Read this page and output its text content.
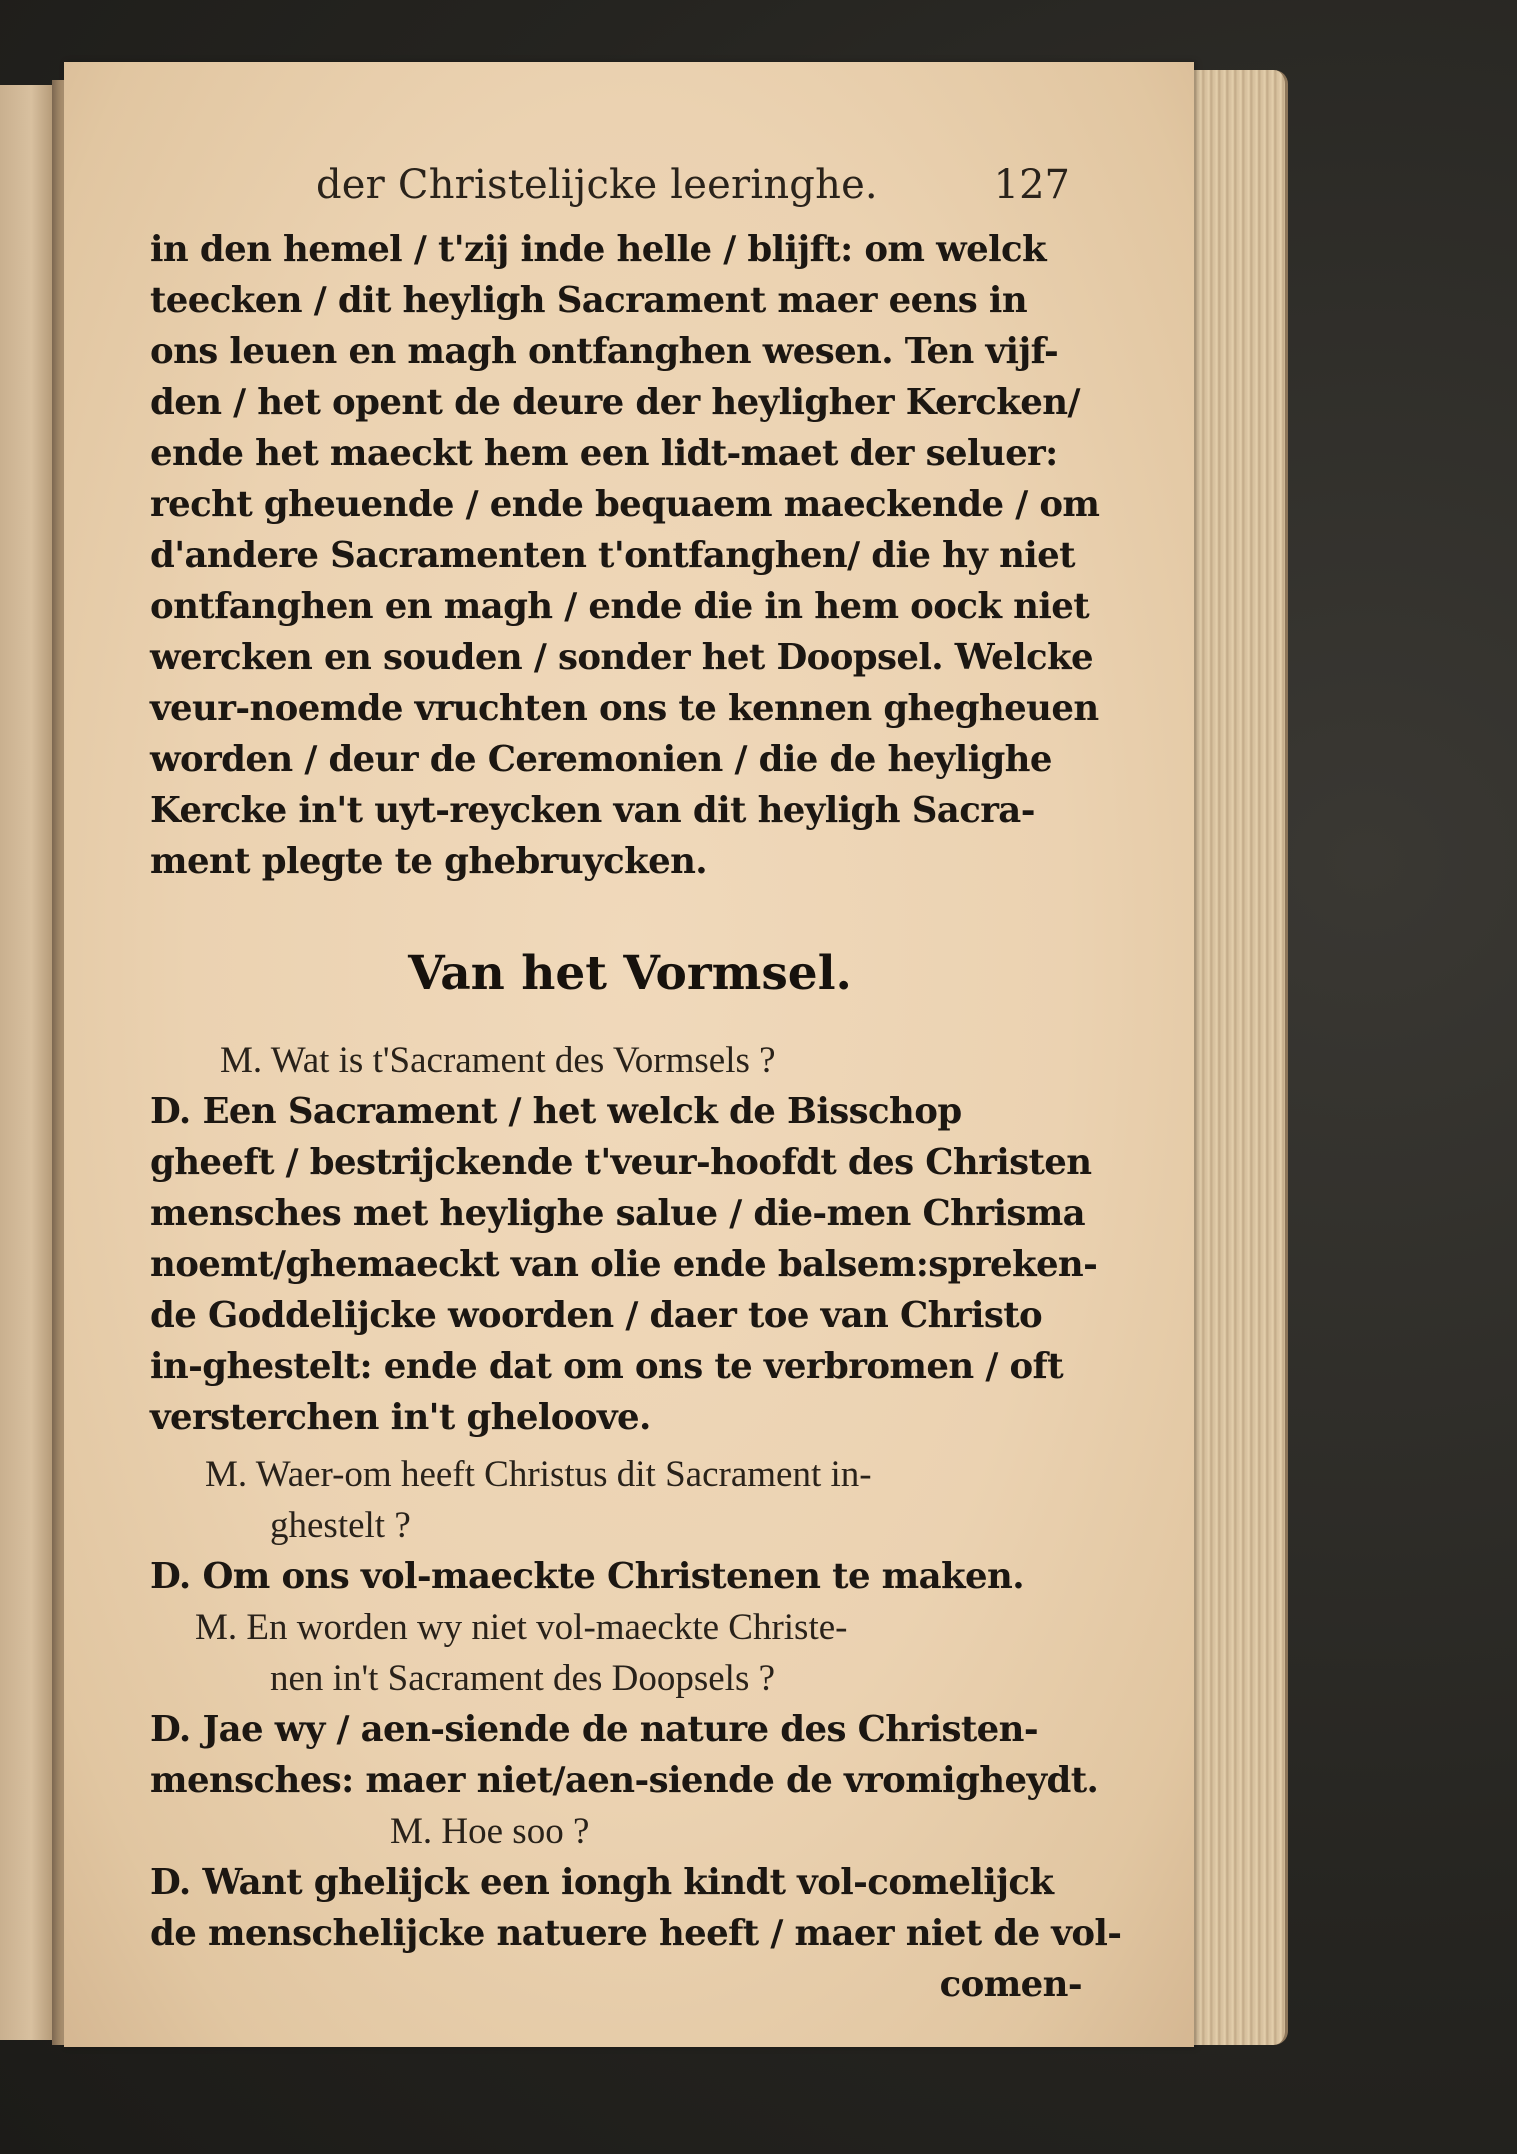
der Christelijcke leeringhe.	127
in den hemel / t'zij inde helle / blijft: om welck
teecken / dit heyligh Sacrament maer eens in
ons leuen en magh ontfanghen wesen. Ten vijf-
den / het opent de deure der heyligher Kercken/
ende het maeckt hem een lidt-maet der seluer:
recht gheuende / ende bequaem maeckende / om
d'andere Sacramenten t'ontfanghen/ die hy niet
ontfanghen en magh / ende die in hem oock niet
wercken en souden / sonder het Doopsel. Welcke
veur-noemde vruchten ons te kennen ghegheuen
worden / deur de Ceremonien / die de heylighe
Kercke in't uyt-reycken van dit heyligh Sacra-
ment plegte te ghebruycken.
Van het Vormsel.
M. Wat is t'Sacrament des Vormsels ?
D. Een Sacrament / het welck de Bisschop
gheeft / bestrijckende t'veur-hoofdt des Christen
menschеs met heylighe salue / die-men Chrisma
noemt/ghemaeckt van olie ende balsem:spreken-
de Goddelijcke woorden / daer toe van Christo
in-ghestelt: ende dat om ons te verbromen / oft
versterchen in't gheloove.
M. Waer-om heeft Christus dit Sacrament in-
ghestelt ?
D. Om ons vol-maeckte Christenen te maken.
M. En worden wy niet vol-maeckte Christe-
nen in't Sacrament des Doopsels ?
D. Jae wy / aen-siende de nature des Christen-
menschеs: maer niet/aen-siende de vromigheydt.
M. Hoe soo ?
D. Want ghelijck een iongh kindt vol-comelijck
de menschelijcke natuere heeft / maer niet de vol-
comen-
